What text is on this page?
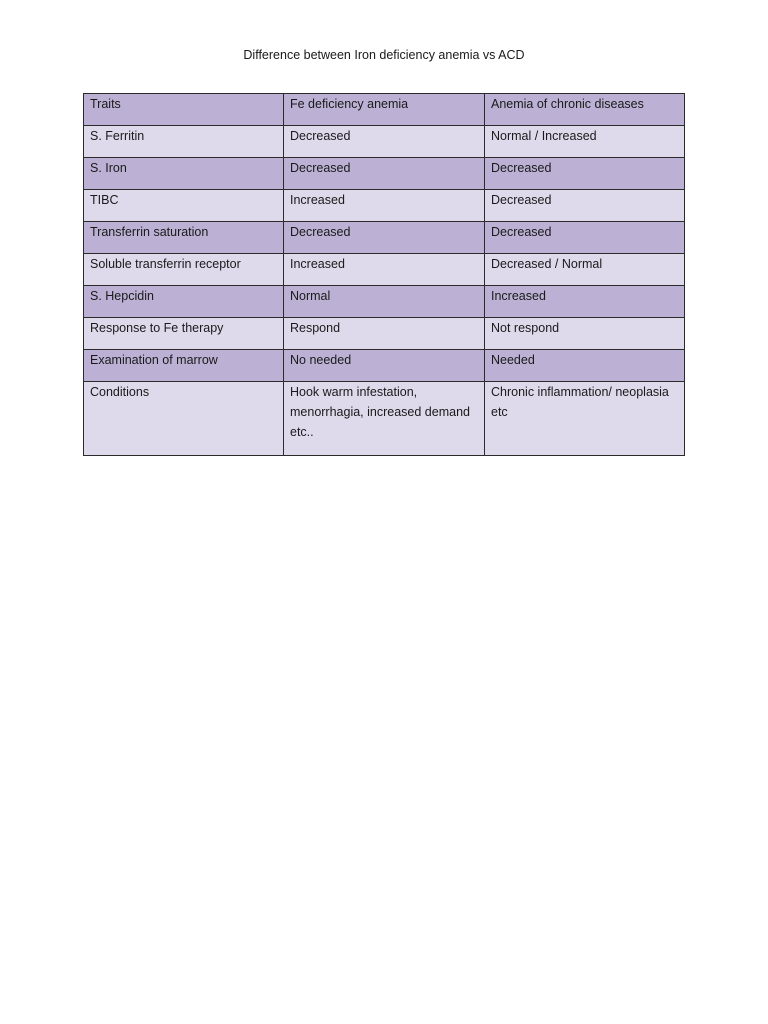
Difference between Iron deficiency anemia vs ACD
Traits	Fe deficiency anemia	Anemia of chronic diseases

S. Ferritin	Decreased	Normal / Increased

S. Iron	Decreased	Decreased

TIBC	Increased	Decreased

Transferrin saturation	Decreased	Decreased

Soluble transferrin receptor	Increased	Decreased / Normal

S. Hepcidin	Normal	Increased

Response to Fe therapy	Respond	Not respond

Examination of marrow	No needed	Needed

Conditions	Hook warm infestation, menorrhagia, increased demand etc..	Chronic inflammation/ neoplasia etc
